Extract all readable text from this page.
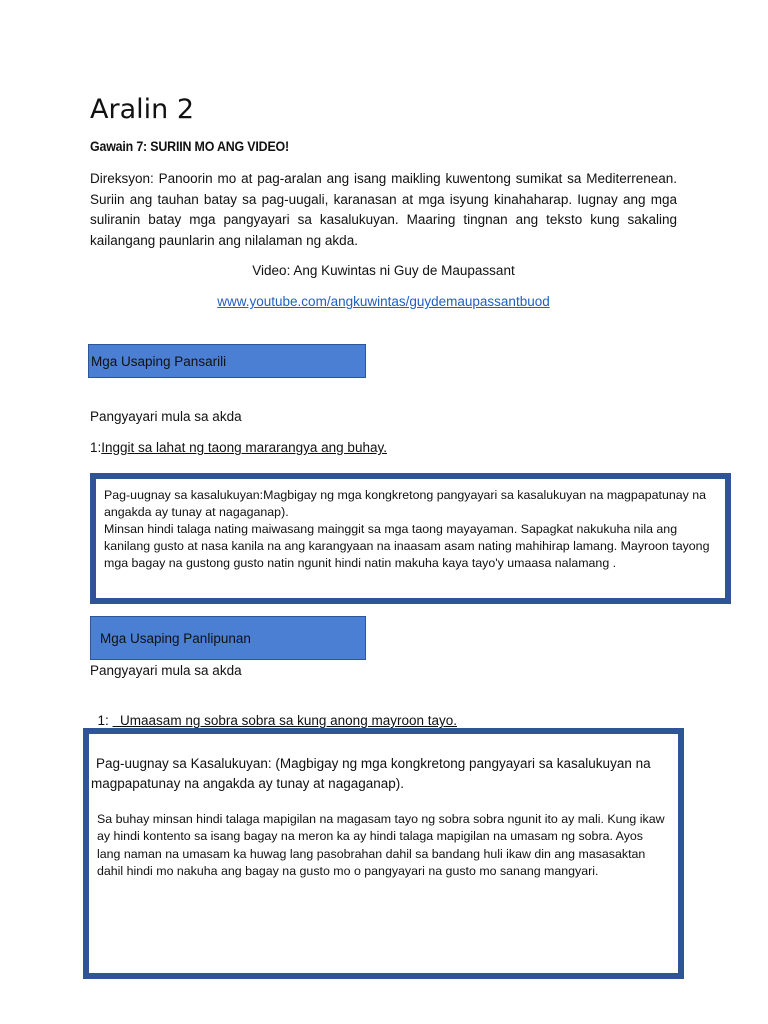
Aralin 2
Gawain 7: SURIIN MO ANG VIDEO!
Direksyon: Panoorin mo at pag-aralan ang isang maikling kuwentong sumikat sa Mediterrenean. Suriin ang tauhan batay sa pag-uugali, karanasan at mga isyung kinahaharap. Iugnay ang mga suliranin batay mga pangyayari sa kasalukuyan. Maaring tingnan ang teksto kung sakaling kailangang paunlarin ang nilalaman ng akda.
Video: Ang Kuwintas ni Guy de Maupassant
www.youtube.com/angkuwintas/guydemaupassantbuod
Mga Usaping Pansarili
Pangyayari mula sa akda
1:Inggit sa lahat ng taong mararangya ang buhay.
Pag-uugnay sa kasalukuyan:Magbigay ng mga kongkretong pangyayari sa kasalukuyan na magpapatunay na angakda ay tunay at nagaganap).
Minsan hindi talaga nating maiwasang mainggit sa mga taong mayayaman. Sapagkat nakukuha nila ang kanilang gusto at nasa kanila na ang karangyaan na inaasam asam nating mahihirap lamang. Mayroon tayong mga bagay na gustong gusto natin ngunit hindi natin makuha kaya tayo'y umaasa nalamang .
Mga Usaping Panlipunan
Pangyayari mula sa akda

1:   Umaasam ng sobra sobra sa kung anong mayroon tayo.

Pag-uugnay sa Kasalukuyan: (Magbigay ng mga kongkretong pangyayari sa kasalukuyan na magpapatunay na angakda ay tunay at nagaganap).
Sa buhay minsan hindi talaga mapigilan na magasam tayo ng sobra sobra ngunit ito ay mali. Kung ikaw ay hindi kontento sa isang bagay na meron ka ay hindi talaga mapigilan na umasam ng sobra. Ayos lang naman na umasam ka huwag lang pasobrahan dahil sa bandang huli ikaw din ang masasaktan dahil hindi mo nakuha ang bagay na gusto mo o pangyayari na gusto mo sanang mangyari.
